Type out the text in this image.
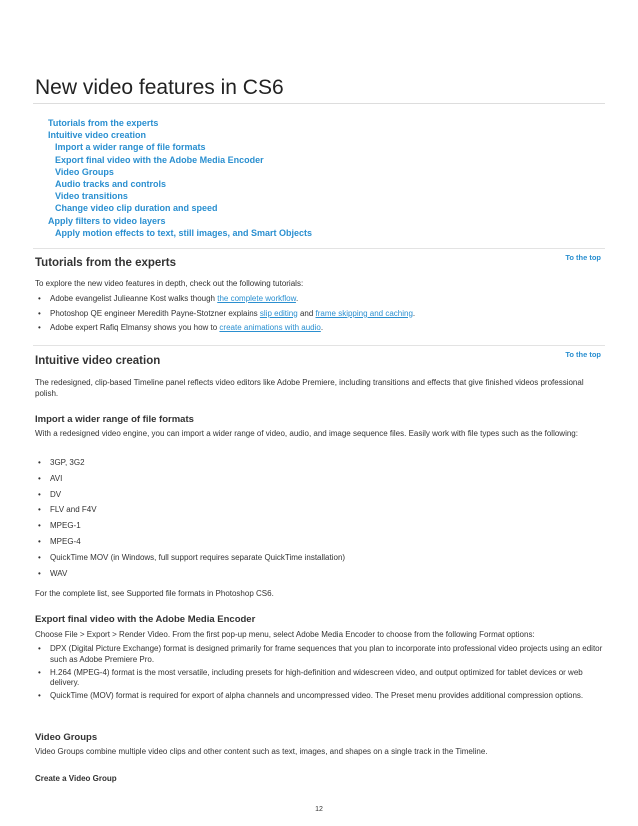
New video features in CS6
Tutorials from the experts
Intuitive video creation
Import a wider range of file formats
Export final video with the Adobe Media Encoder
Video Groups
Audio tracks and controls
Video transitions
Change video clip duration and speed
Apply filters to video layers
Apply motion effects to text, still images, and Smart Objects
To the top
Tutorials from the experts

To explore the new video features in depth, check out the following tutorials:

• Adobe evangelist Julieanne Kost walks though the complete workflow.
• Photoshop QE engineer Meredith Payne-Stotzner explains slip editing and frame skipping and caching.
• Adobe expert Rafiq Elmansy shows you how to create animations with audio.
To the top
Intuitive video creation

The redesigned, clip-based Timeline panel reflects video editors like Adobe Premiere, including transitions and effects that give finished videos professional polish.

Import a wider range of file formats

With a redesigned video engine, you can import a wider range of video, audio, and image sequence files. Easily work with file types such as the following:

• 3GP, 3G2
• AVI
• DV
• FLV and F4V
• MPEG-1
• MPEG-4
• QuickTime MOV (in Windows, full support requires separate QuickTime installation)
• WAV

For the complete list, see Supported file formats in Photoshop CS6.

Export final video with the Adobe Media Encoder

Choose File > Export > Render Video. From the first pop-up menu, select Adobe Media Encoder to choose from the following Format options:

• DPX (Digital Picture Exchange) format is designed primarily for frame sequences that you plan to incorporate into professional video projects using an editor such as Adobe Premiere Pro.
• H.264 (MPEG-4) format is the most versatile, including presets for high-definition and widescreen video, and output optimized for tablet devices or web delivery.
• QuickTime (MOV) format is required for export of alpha channels and uncompressed video. The Preset menu provides additional compression options.
Video Groups

Video Groups combine multiple video clips and other content such as text, images, and shapes on a single track in the Timeline.

Create a Video Group
12
